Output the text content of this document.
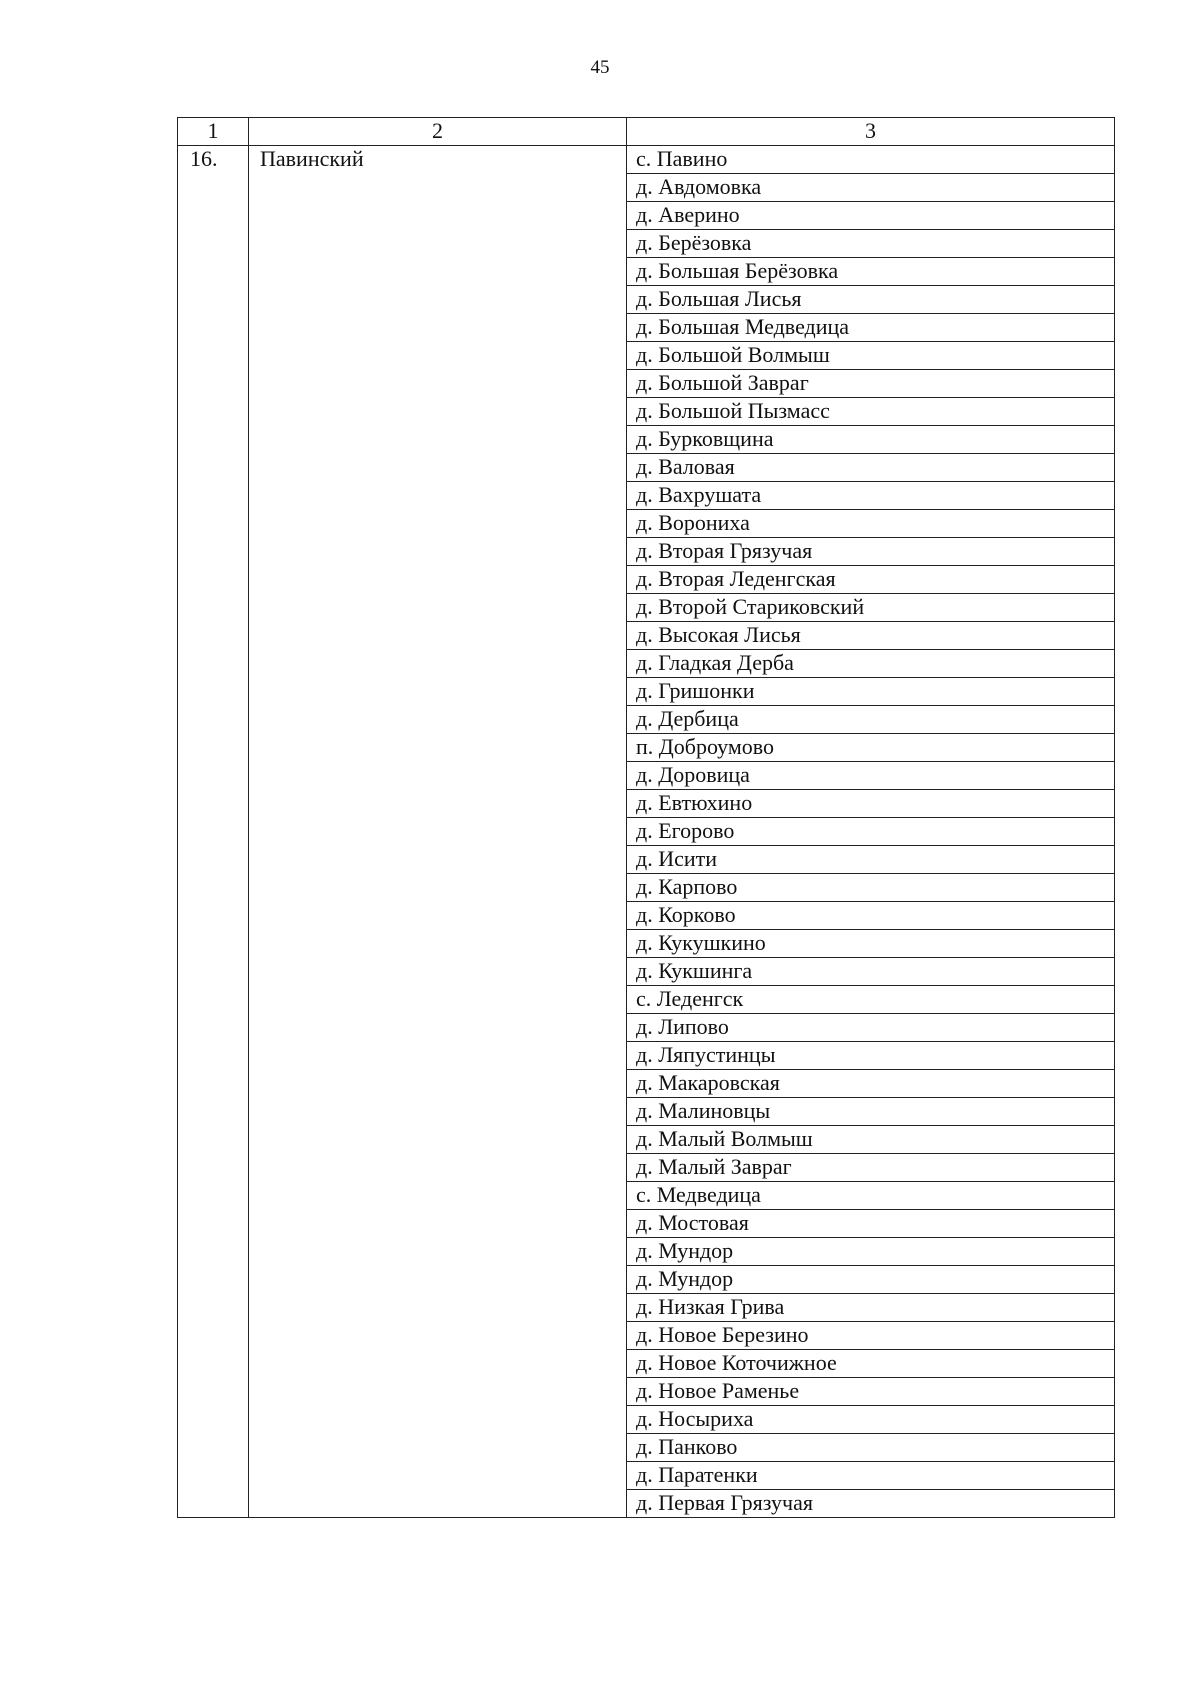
45
1	2	3
16.	Павинский	с. Павино
		д. Авдомовка
		д. Аверино
		д. Берёзовка
		д. Большая Берёзовка
		д. Большая Лисья
		д. Большая Медведица
		д. Большой Волмыш
		д. Большой Завраг
		д. Большой Пызмасс
		д. Бурковщина
		д. Валовая
		д. Вахрушата
		д. Ворониха
		д. Вторая Грязучая
		д. Вторая Леденгская
		д. Второй Стариковский
		д. Высокая Лисья
		д. Гладкая Дерба
		д. Гришонки
		д. Дербица
		п. Доброумово
		д. Доровица
		д. Евтюхино
		д. Егорово
		д. Исити
		д. Карпово
		д. Корково
		д. Кукушкино
		д. Кукшинга
		с. Леденгск
		д. Липово
		д. Ляпустинцы
		д. Макаровская
		д. Малиновцы
		д. Малый Волмыш
		д. Малый Завраг
		с. Медведица
		д. Мостовая
		д. Мундор
		д. Мундор
		д. Низкая Грива
		д. Новое Березино
		д. Новое Коточижное
		д. Новое Раменье
		д. Носыриха
		д. Панково
		д. Паратенки
		д. Первая Грязучая
